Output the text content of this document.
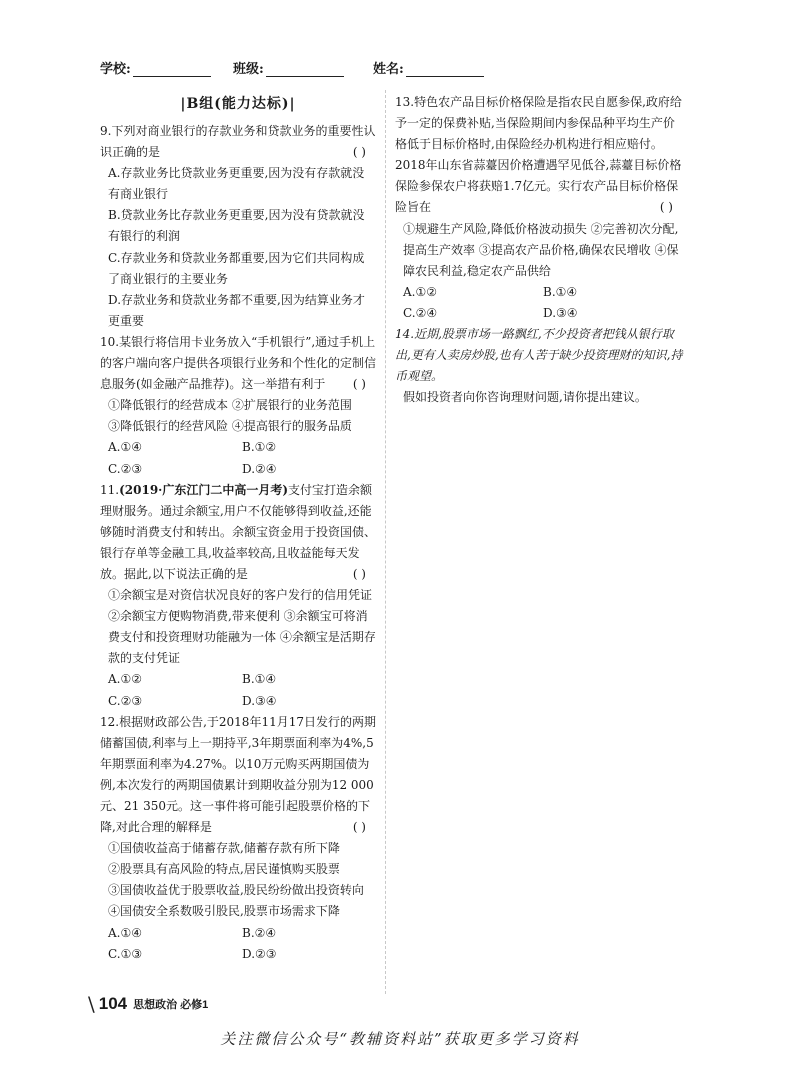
学校:	班级:	姓名:
|B组(能力达标)|

9.下列对商业银行的存款业务和贷款业务的重要性认识正确的是	( )

A.存款业务比贷款业务更重要,因为没有存款就没有商业银行

B.贷款业务比存款业务更重要,因为没有贷款就没有银行的利润

C.存款业务和贷款业务都重要,因为它们共同构成了商业银行的主要业务

D.存款业务和贷款业务都不重要,因为结算业务才更重要

10.某银行将信用卡业务放入“手机银行”,通过手机上的客户端向客户提供各项银行业务和个性化的定制信息服务(如金融产品推荐)。这一举措有利于 ( )

①降低银行的经营成本 ②扩展银行的业务范围

③降低银行的经营风险 ④提高银行的服务品质

A.①④	B.①②
C.②③	D.②④

11.(2019·广东江门二中高一月考)支付宝打造余额理财服务。通过余额宝,用户不仅能够得到收益,还能够随时消费支付和转出。余额宝资金用于投资国债、银行存单等金融工具,收益率较高,且收益能每天发放。据此,以下说法正确的是	( )

①余额宝是对资信状况良好的客户发行的信用凭证 ②余额宝方便购物消费,带来便利 ③余额宝可将消费支付和投资理财功能融为一体 ④余额宝是活期存款的支付凭证

A.①②	B.①④
C.②③	D.③④

12.根据财政部公告,于2018年11月17日发行的两期储蓄国债,利率与上一期持平,3年期票面利率为4%,5年期票面利率为4.27%。以10万元购买两期国债为例,本次发行的两期国债累计到期收益分别为12 000元、21 350元。这一事件将可能引起股票价格的下降,对此合理的解释是	( )

①国债收益高于储蓄存款,储蓄存款有所下降

②股票具有高风险的特点,居民谨慎购买股票

③国债收益优于股票收益,股民纷纷做出投资转向

④国债安全系数吸引股民,股票市场需求下降

A.①④	B.②④
C.①③	D.②③

13.特色农产品目标价格保险是指农民自愿参保,政府给予一定的保费补贴,当保险期间内参保品种平均生产价格低于目标价格时,由保险经办机构进行相应赔付。2018年山东省蒜薹因价格遭遇罕见低谷,蒜薹目标价格保险参保农户将获赔1.7亿元。实行农产品目标价格保险旨在	( )

①规避生产风险,降低价格波动损失 ②完善初次分配,提高生产效率 ③提高农产品价格,确保农民增收 ④保障农民利益,稳定农产品供给

A.①②	B.①④
C.②④	D.③④

14.近期,股票市场一路飘红,不少投资者把钱从银行取出,更有人卖房炒股,也有人苦于缺少投资理财的知识,持币观望。

假如投资者向你咨询理财问题,请你提出建议。

\ 104 思想政治 必修1
关注微信公众号“教辅资料站”获取更多学习资料
